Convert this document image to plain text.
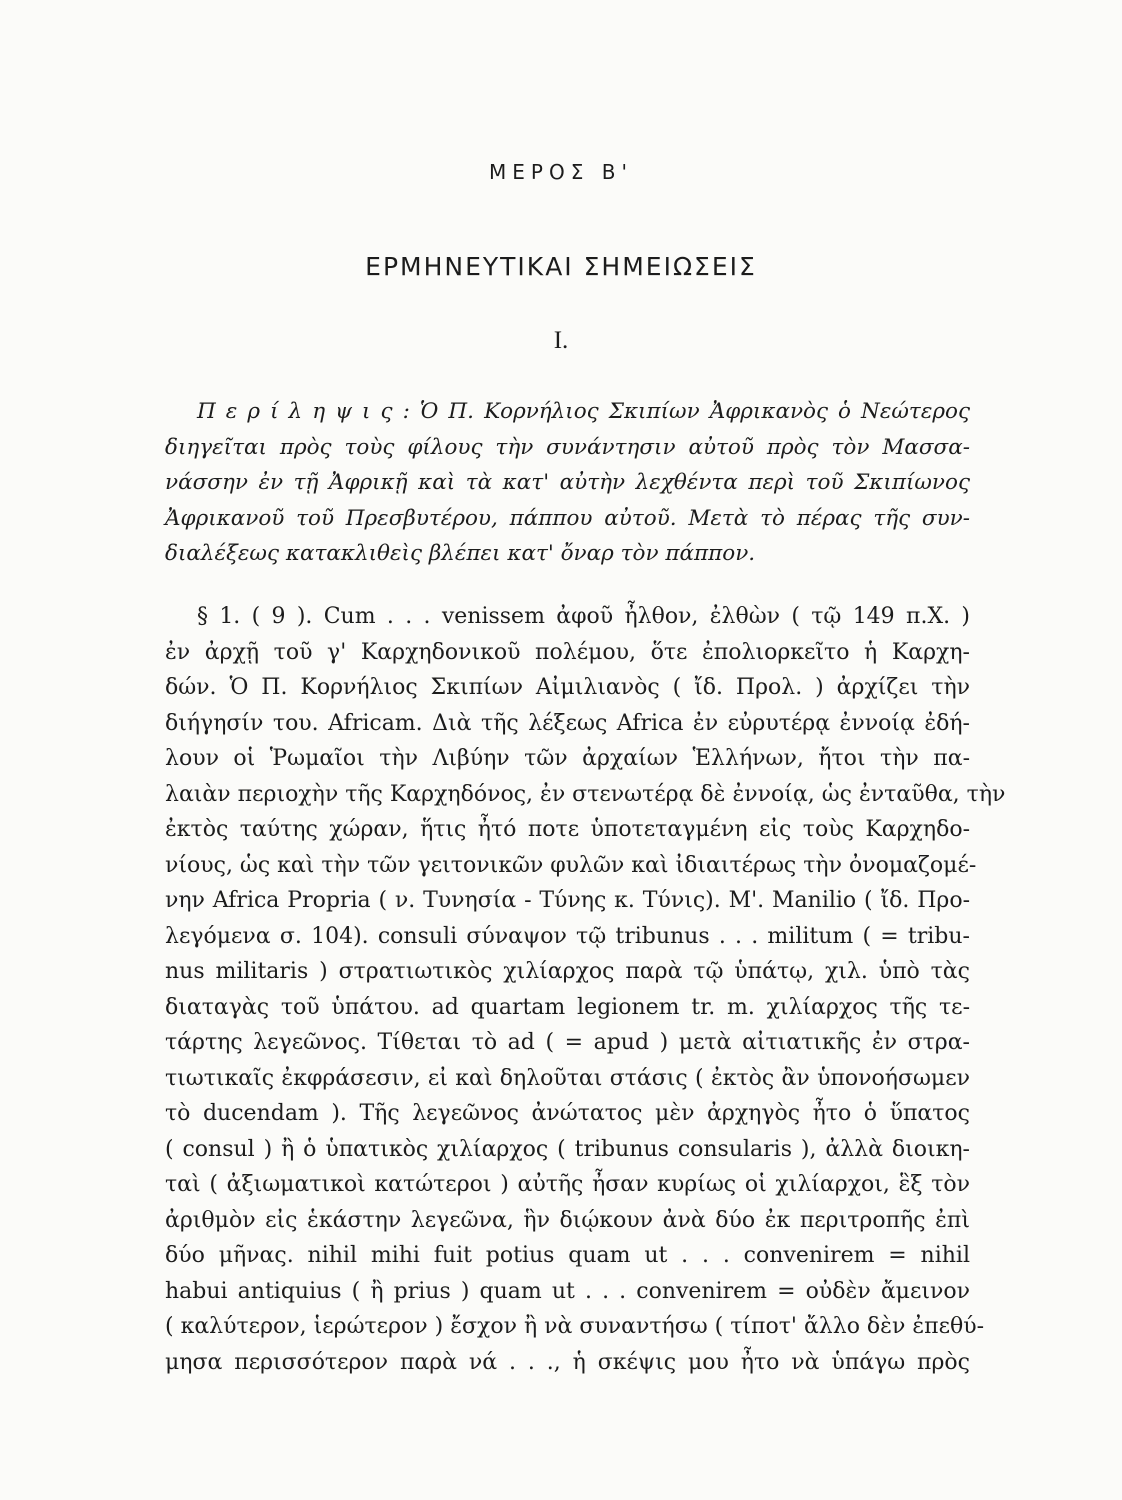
ΜΕΡΟΣ Β'
ΕΡΜΗΝΕΥΤΙΚΑΙ ΣΗΜΕΙΩΣΕΙΣ
I.
Π ε ρ ί λ η ψ ι ς : Ὁ Π. Κορνήλιος Σκιπίων Ἀφρικανὸς ὁ Νεώτερος
διηγεῖται πρὸς τοὺς φίλους τὴν συνάντησιν αὐτοῦ πρὸς τὸν Μασσα-
νάσσην ἐν τῇ Ἀφρικῇ καὶ τὰ κατ' αὐτὴν λεχθέντα περὶ τοῦ Σκιπίωνος
Ἀφρικανοῦ τοῦ Πρεσβυτέρου, πάππου αὐτοῦ. Μετὰ τὸ πέρας τῆς συν-
διαλέξεως κατακλιθεὶς βλέπει κατ' ὄναρ τὸν πάππον.
§ 1. ( 9 ). Cum . . . venissem ἀφοῦ ἦλθον, ἐλθὼν ( τῷ 149 π.Χ. )
ἐν ἀρχῇ τοῦ γ' Καρχηδονικοῦ πολέμου, ὅτε ἐπολιορκεῖτο ἡ Καρχη-
δών. Ὁ Π. Κορνήλιος Σκιπίων Αἰμιλιανὸς ( ἴδ. Προλ. ) ἀρχίζει τὴν
διήγησίν του. Africam. Διὰ τῆς λέξεως Africa ἐν εὐρυτέρᾳ ἐννοίᾳ ἐδή-
λουν οἱ Ῥωμαῖοι τὴν Λιβύην τῶν ἀρχαίων Ἑλλήνων, ἤτοι τὴν πα-
λαιὰν περιοχὴν τῆς Καρχηδόνος, ἐν στενωτέρᾳ δὲ ἐννοίᾳ, ὡς ἐνταῦθα, τὴν
ἐκτὸς ταύτης χώραν, ἥτις ἦτό ποτε ὑποτεταγμένη εἰς τοὺς Καρχηδο-
νίους, ὡς καὶ τὴν τῶν γειτονικῶν φυλῶν καὶ ἰδιαιτέρως τὴν ὀνομαζομέ-
νην Africa Propria ( ν. Τυνησία - Τύνης κ. Τύνις). M'. Manilio ( ἴδ. Προ-
λεγόμενα σ. 104). consuli σύναψον τῷ tribunus . . . militum ( = tribu-
nus militaris ) στρατιωτικὸς χιλίαρχος παρὰ τῷ ὑπάτῳ, χιλ. ὑπὸ τὰς
διαταγὰς τοῦ ὑπάτου. ad quartam legionem tr. m. χιλίαρχος τῆς τε-
τάρτης λεγεῶνος. Τίθεται τὸ ad ( = apud ) μετὰ αἰτιατικῆς ἐν στρα-
τιωτικαῖς ἐκφράσεσιν, εἰ καὶ δηλοῦται στάσις ( ἐκτὸς ἂν ὑπονοήσωμεν
τὸ ducendam ). Τῆς λεγεῶνος ἀνώτατος μὲν ἀρχηγὸς ἦτο ὁ ὕπατος
( consul ) ἢ ὁ ὑπατικὸς χιλίαρχος ( tribunus consularis ), ἀλλὰ διοικη-
ταὶ ( ἀξιωματικοὶ κατώτεροι ) αὐτῆς ἦσαν κυρίως οἱ χιλίαρχοι, ἓξ τὸν
ἀριθμὸν εἰς ἑκάστην λεγεῶνα, ἣν διῴκουν ἀνὰ δύο ἐκ περιτροπῆς ἐπὶ
δύο μῆνας. nihil mihi fuit potius quam ut . . . convenirem = nihil
habui antiquius ( ἢ prius ) quam ut . . . convenirem = οὐδὲν ἄμεινον
( καλύτερον, ἱερώτερον ) ἔσχον ἢ νὰ συναντήσω ( τίποτ' ἄλλο δὲν ἐπεθύ-
μησα περισσότερον παρὰ νά . . ., ἡ σκέψις μου ἦτο νὰ ὑπάγω πρὸς
